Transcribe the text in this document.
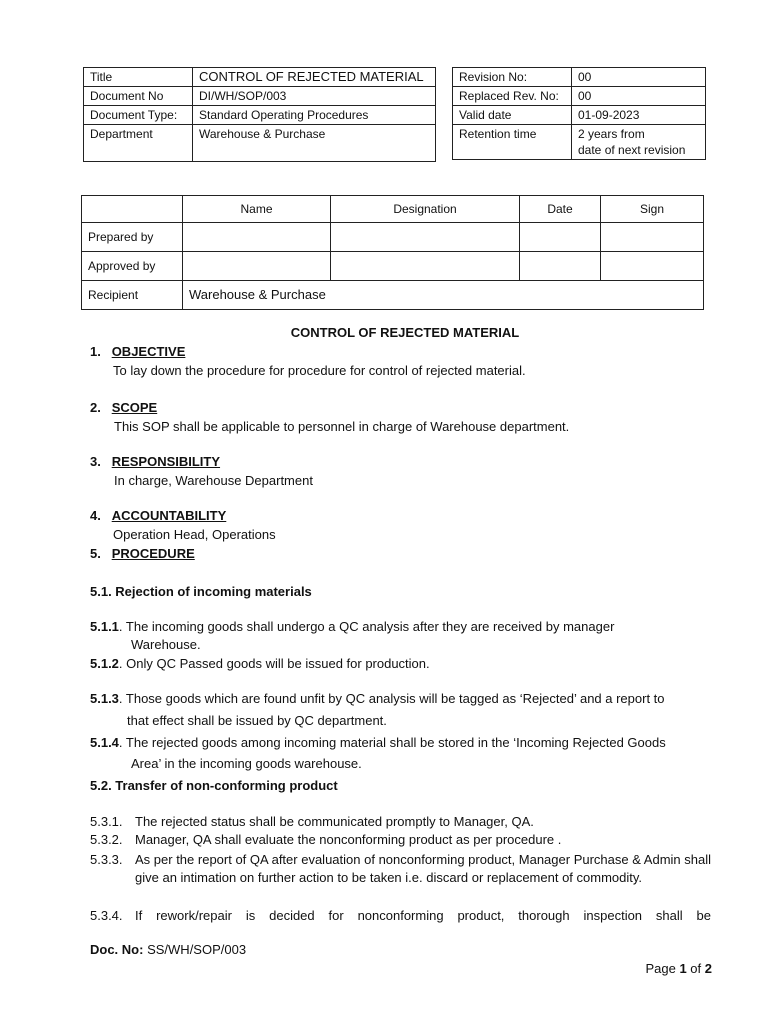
Title	CONTROL OF REJECTED MATERIAL
Document No	DI/WH/SOP/003
Document Type:	Standard Operating Procedures
Department	Warehouse & Purchase
Revision No:	00
Replaced Rev. No:	00
Valid date	01-09-2023
Retention time	2 years from
date of next revision
	Name	Designation	Date	Sign
Prepared by				
Approved by				
Recipient	Warehouse & Purchase			
CONTROL OF REJECTED MATERIAL
1. OBJECTIVE
To lay down the procedure for procedure for control of rejected material.
2. SCOPE
This SOP shall be applicable to personnel in charge of Warehouse department.
3. RESPONSIBILITY
In charge, Warehouse Department
4. ACCOUNTABILITY
Operation Head, Operations
5. PROCEDURE
5.1. Rejection of incoming materials
5.1.1. The incoming goods shall undergo a QC analysis after they are received by manager
Warehouse.
5.1.2. Only QC Passed goods will be issued for production.
5.1.3. Those goods which are found unfit by QC analysis will be tagged as ‘Rejected’ and a report to
that effect shall be issued by QC department.
5.1.4. The rejected goods among incoming material shall be stored in the ‘Incoming Rejected Goods
Area’ in the incoming goods warehouse.
5.2. Transfer of non-conforming product
5.3.1. The rejected status shall be communicated promptly to Manager, QA.
5.3.2. Manager, QA shall evaluate the nonconforming product as per procedure .
5.3.3. As per the report of QA after evaluation of nonconforming product, Manager Purchase & Admin shall give an intimation on further action to be taken i.e. discard or replacement of commodity.
5.3.4. If rework/repair is decided for nonconforming product, thorough inspection shall be
Doc. No: SS/WH/SOP/003
Page 1 of 2
